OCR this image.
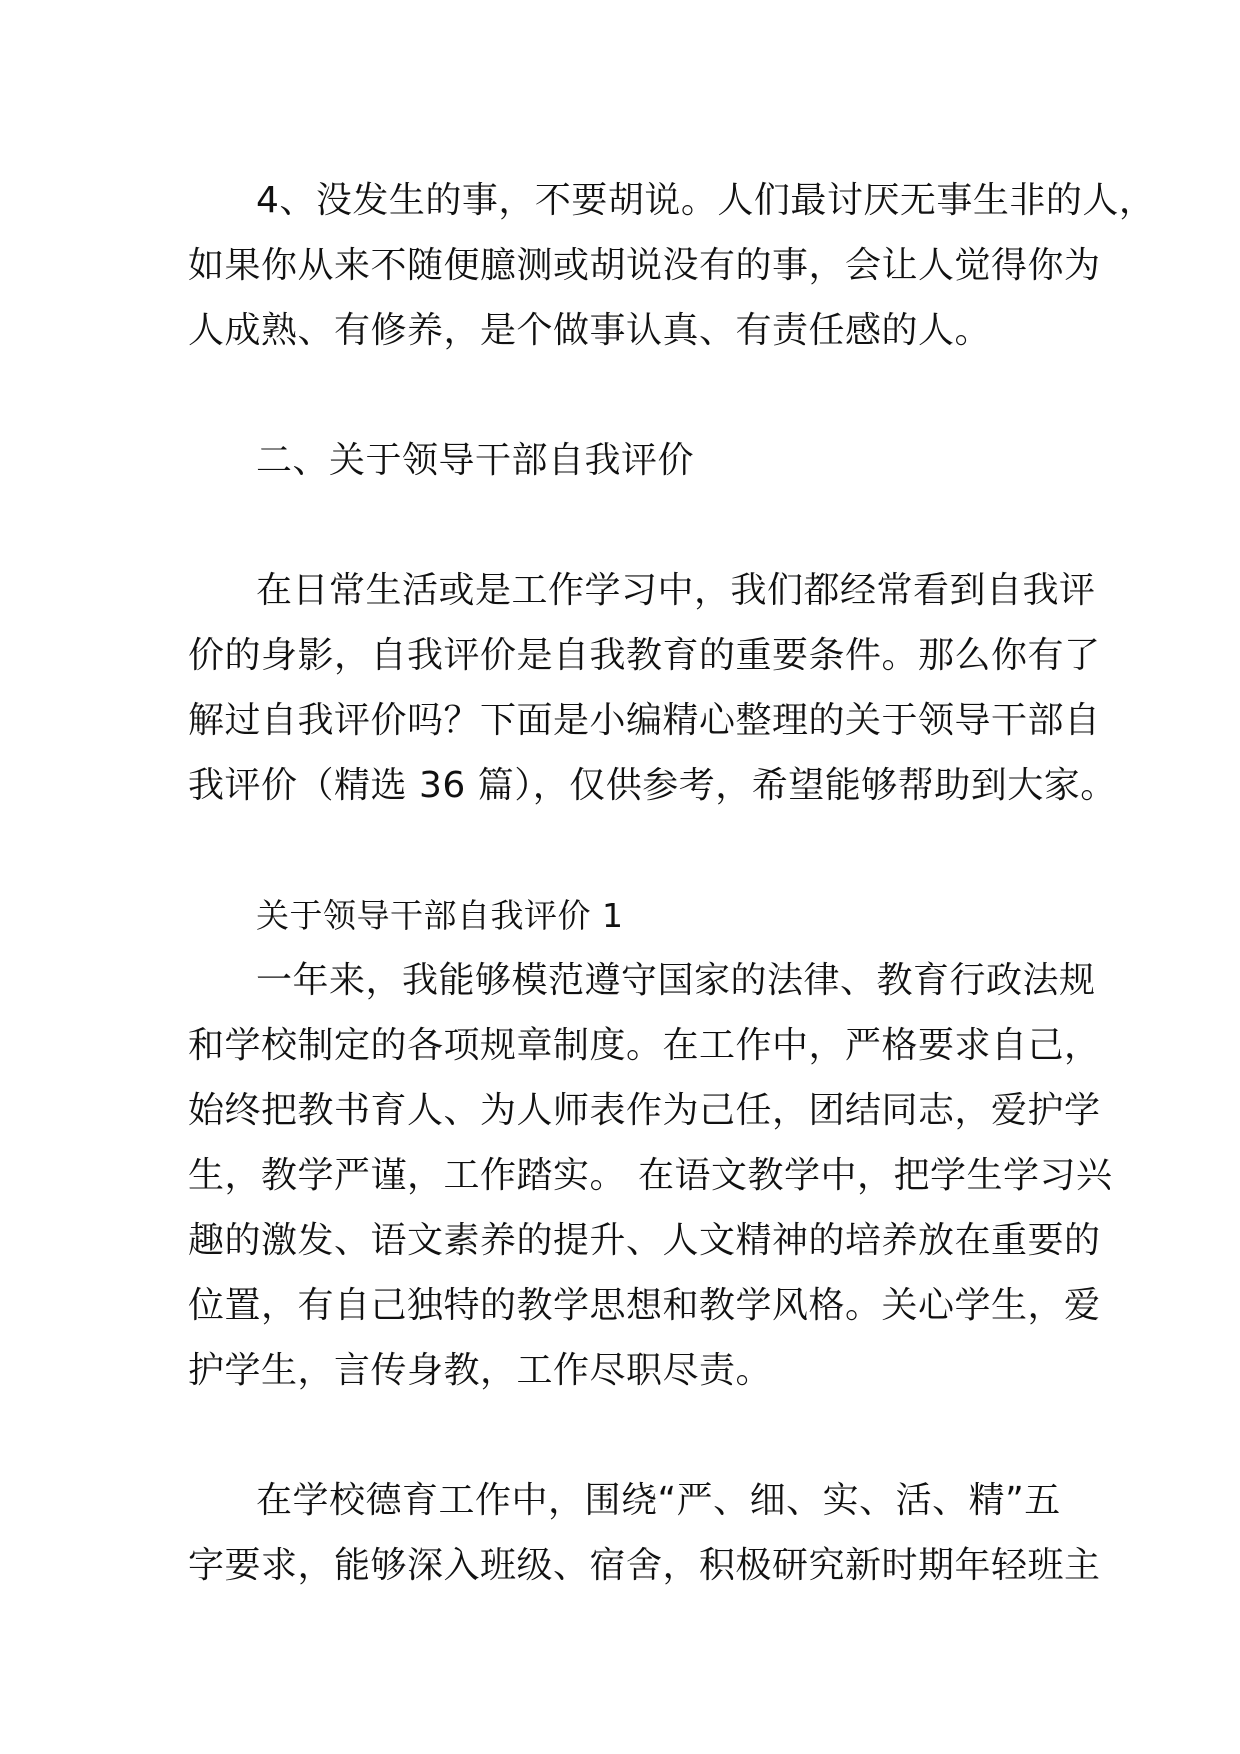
4、没发生的事，不要胡说。人们最讨厌无事生非的人，
如果你从来不随便臆测或胡说没有的事，会让人觉得你为
人成熟、有修养，是个做事认真、有责任感的人。
二、关于领导干部自我评价
在日常生活或是工作学习中，我们都经常看到自我评
价的身影，自我评价是自我教育的重要条件。那么你有了
解过自我评价吗？下面是小编精心整理的关于领导干部自
我评价（精选 36 篇），仅供参考，希望能够帮助到大家。
关于领导干部自我评价 1
一年来，我能够模范遵守国家的法律、教育行政法规
和学校制定的各项规章制度。在工作中，严格要求自己，
始终把教书育人、为人师表作为己任，团结同志，爱护学
生，教学严谨，工作踏实。 在语文教学中，把学生学习兴
趣的激发、语文素养的提升、人文精神的培养放在重要的
位置，有自己独特的教学思想和教学风格。关心学生，爱
护学生，言传身教，工作尽职尽责。
在学校德育工作中，围绕“严、细、实、活、精”五
字要求，能够深入班级、宿舍，积极研究新时期年轻班主
